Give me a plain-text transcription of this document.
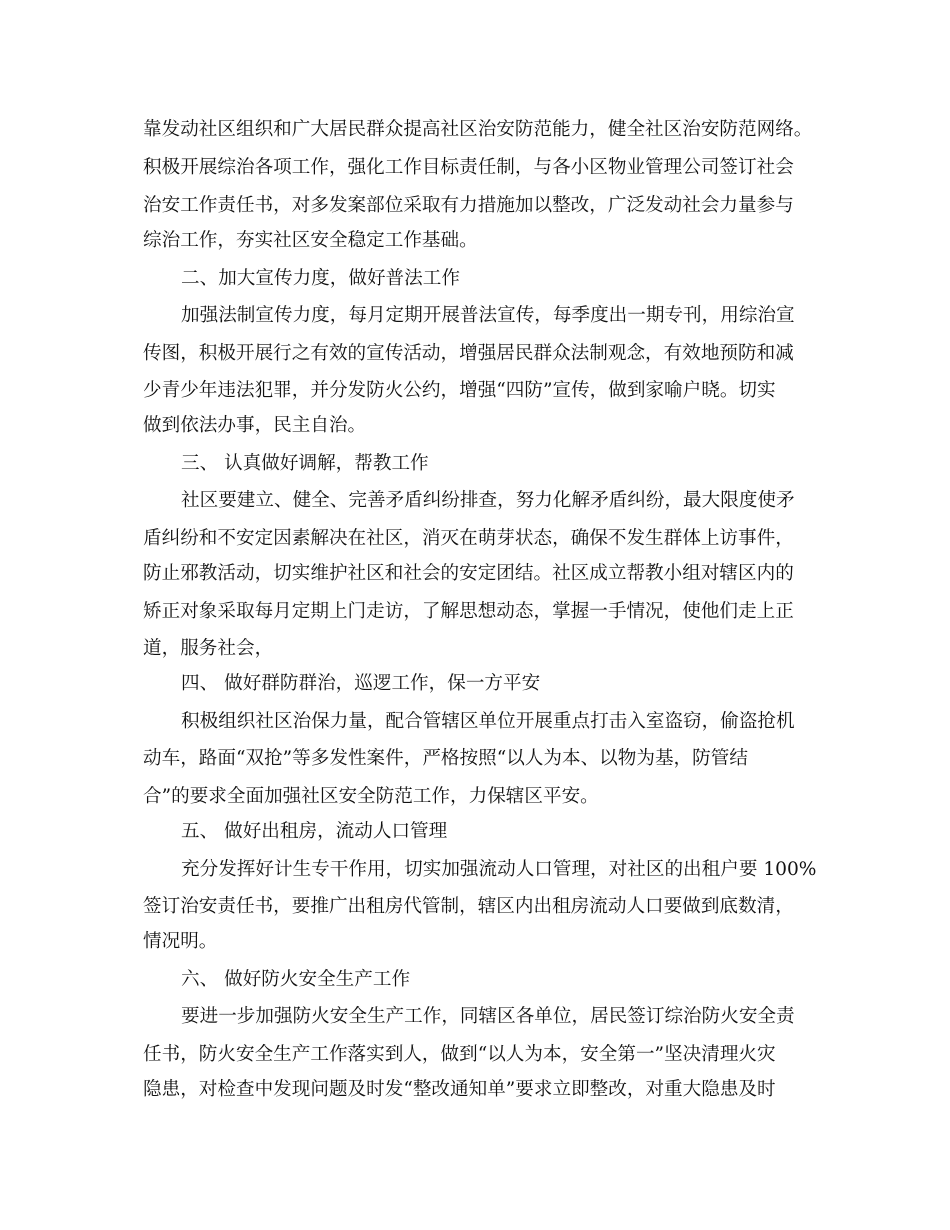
靠发动社区组织和广大居民群众提高社区治安防范能力，健全社区治安防范网络。

积极开展综治各项工作，强化工作目标责任制，与各小区物业管理公司签订社会

治安工作责任书，对多发案部位采取有力措施加以整改，广泛发动社会力量参与

综治工作，夯实社区安全稳定工作基础。

二、加大宣传力度，做好普法工作

加强法制宣传力度，每月定期开展普法宣传，每季度出一期专刊，用综治宣

传图，积极开展行之有效的宣传活动，增强居民群众法制观念，有效地预防和减

少青少年违法犯罪，并分发防火公约，增强“四防”宣传，做到家喻户晓。切实

做到依法办事，民主自治。

三、 认真做好调解，帮教工作

社区要建立、健全、完善矛盾纠纷排查，努力化解矛盾纠纷，最大限度使矛

盾纠纷和不安定因素解决在社区，消灭在萌芽状态，确保不发生群体上访事件，

防止邪教活动，切实维护社区和社会的安定团结。社区成立帮教小组对辖区内的

矫正对象采取每月定期上门走访，了解思想动态，掌握一手情况，使他们走上正

道，服务社会，

四、 做好群防群治，巡逻工作，保一方平安

积极组织社区治保力量，配合管辖区单位开展重点打击入室盗窃，偷盗抢机

动车，路面“双抢”等多发性案件，严格按照“以人为本、以物为基，防管结

合”的要求全面加强社区安全防范工作，力保辖区平安。

五、 做好出租房，流动人口管理

充分发挥好计生专干作用，切实加强流动人口管理，对社区的出租户要 100%

签订治安责任书，要推广出租房代管制，辖区内出租房流动人口要做到底数清，

情况明。

六、 做好防火安全生产工作

要进一步加强防火安全生产工作，同辖区各单位，居民签订综治防火安全责

任书，防火安全生产工作落实到人，做到“以人为本，安全第一”坚决清理火灾

隐患，对检查中发现问题及时发“整改通知单”要求立即整改，对重大隐患及时
